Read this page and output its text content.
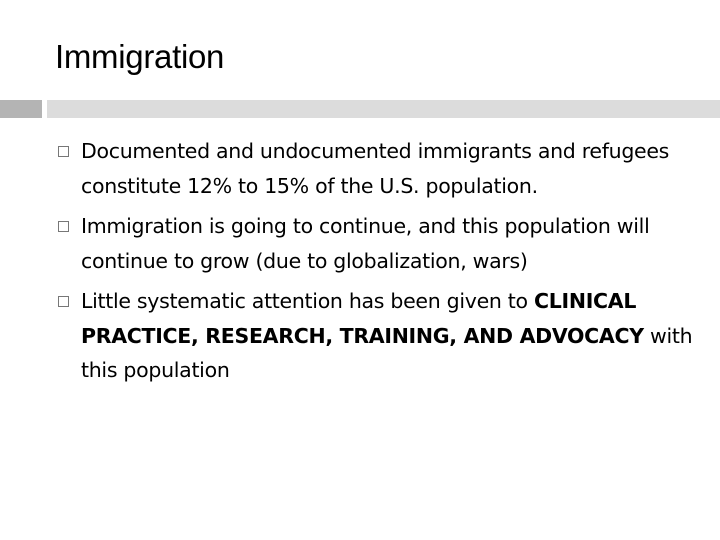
Immigration
Documented and undocumented immigrants and refugees constitute 12% to 15% of the U.S. population.
Immigration is going to continue, and this population will continue to grow (due to globalization, wars)
Little systematic attention has been given to CLINICAL PRACTICE, RESEARCH, TRAINING, AND ADVOCACY with this population
